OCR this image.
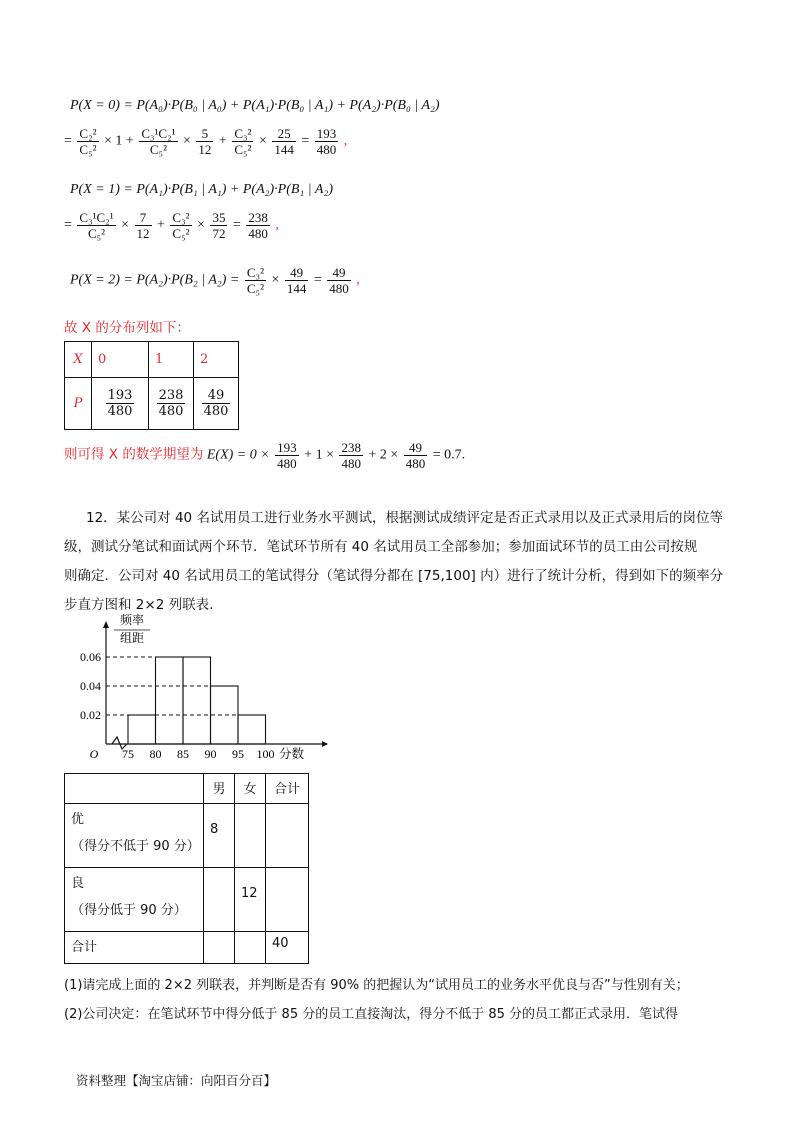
P(X = 0) = P(A₀)·P(B₀ | A₀) + P(A₁)·P(B₀ | A₁) + P(A₂)·P(B₀ | A₂)
= $\frac{\text{C₂²}}{\text{C₅²}} \times 1 + \frac{\text{C₃¹C₂¹}}{\text{C₅²}} \times \frac{5}{12} + \frac{\text{C₃²}}{\text{C₅²}} \times \frac{25}{144} = \frac{193}{480}$ ,
P(X = 1) = P(A₁)·P(B₁ | A₁) + P(A₂)·P(B₁ | A₂)
= $\frac{\text{C₃¹C₂¹}}{\text{C₅²}} \times \frac{7}{12} + \frac{\text{C₃²}}{\text{C₅²}} \times \frac{35}{72} = \frac{238}{480}$ ,
P(X = 2) = P(A₂)·P(B₂ | $A_2) = \frac{\text{C₃²}}{\text{C₅²}} \times \frac{49}{144} = \frac{49}{480}$ ,
故 X 的分布列如下：
X	0	1	2
P	$\frac{193}{480}$	$\frac{238}{480}$	$\frac{49}{480}$
则可得 X 的数学期望为 $E(X) = 0 \times \frac{193}{480} + 1 \times \frac{238}{480} + 2 \times \frac{49}{480} = 0.7$.
12．某公司对 40 名试用员工进行业务水平测试，根据测试成绩评定是否正式录用以及正式录用后的岗位等
级，测试分笔试和面试两个环节．笔试环节所有 40 名试用员工全部参加；参加面试环节的员工由公司按规
则确定．公司对 40 名试用员工的笔试得分（笔试得分都在 [75,100] 内）进行了统计分析，得到如下的频率分
步直方图和 2×2 列联表.
0.02
0.04
0.06
75 80 85 90 95 100
O	分数
频率
组距
	男	女	合计

优
（得分不低于 90 分）	8		

良
（得分低于 90 分）		12	
合计			40
(1)请完成上面的 2×2 列联表，并判断是否有 90% 的把握认为“试用员工的业务水平优良与否”与性别有关；
(2)公司决定：在笔试环节中得分低于 85 分的员工直接淘汰，得分不低于 85 分的员工都正式录用．笔试得
资料整理【淘宝店铺：向阳百分百】
